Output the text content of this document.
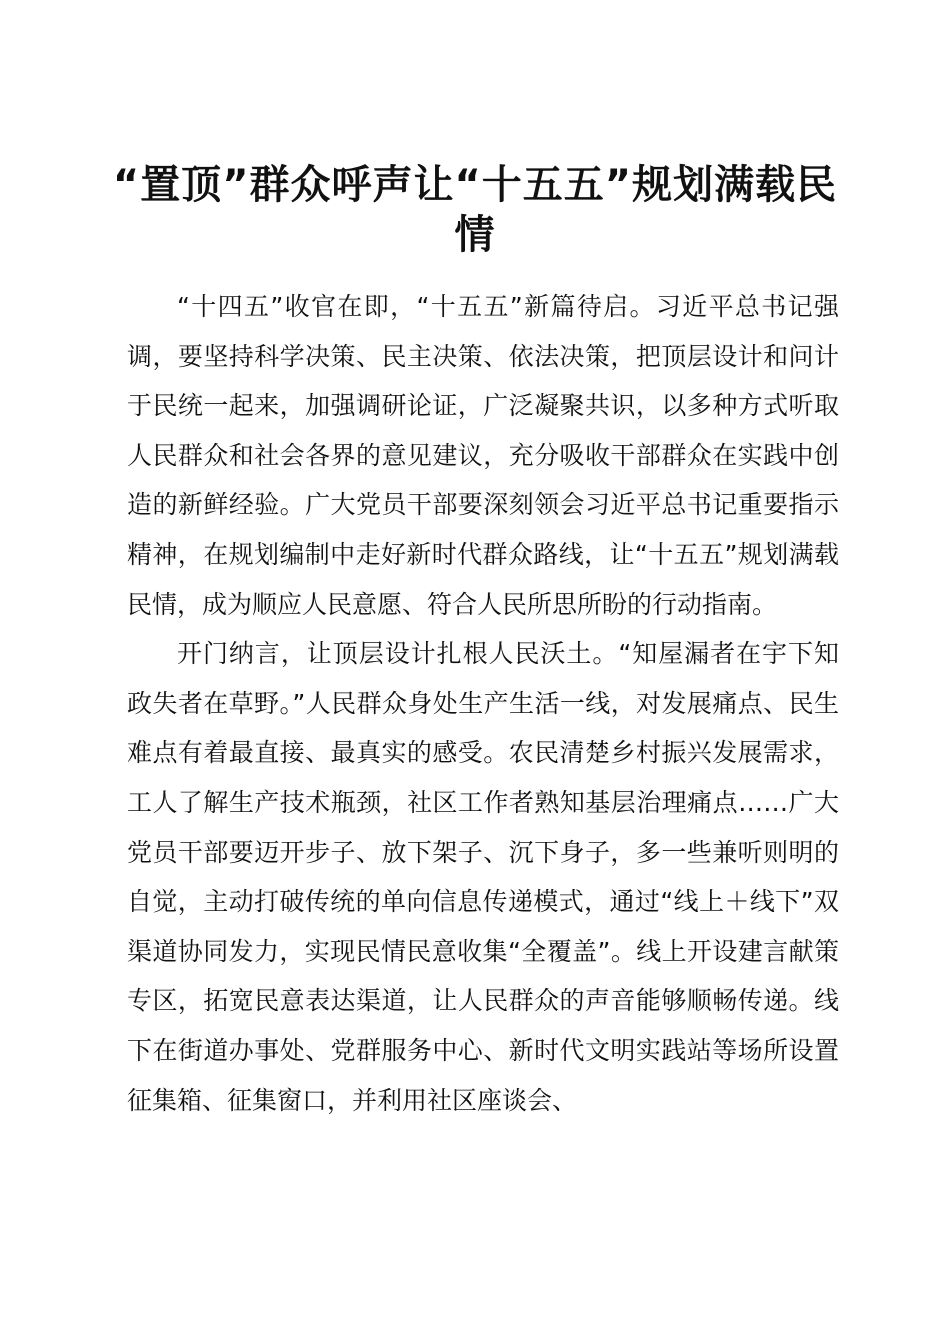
“置顶”群众呼声让“十五五”规划满载民情

“十四五”收官在即，“十五五”新篇待启。习近平总书记强调，要坚持科学决策、民主决策、依法决策，把顶层设计和问计于民统一起来，加强调研论证，广泛凝聚共识，以多种方式听取人民群众和社会各界的意见建议，充分吸收干部群众在实践中创造的新鲜经验。广大党员干部要深刻领会习近平总书记重要指示精神，在规划编制中走好新时代群众路线，让“十五五”规划满载民情，成为顺应人民意愿、符合人民所思所盼的行动指南。

开门纳言，让顶层设计扎根人民沃土。“知屋漏者在宇下知政失者在草野。”人民群众身处生产生活一线，对发展痛点、民生难点有着最直接、最真实的感受。农民清楚乡村振兴发展需求，工人了解生产技术瓶颈，社区工作者熟知基层治理痛点……广大党员干部要迈开步子、放下架子、沉下身子，多一些兼听则明的自觉，主动打破传统的单向信息传递模式，通过“线上＋线下”双渠道协同发力，实现民情民意收集“全覆盖”。线上开设建言献策专区，拓宽民意表达渠道，让人民群众的声音能够顺畅传递。线下在街道办事处、党群服务中心、新时代文明实践站等场所设置征集箱、征集窗口，并利用社区座谈会、
